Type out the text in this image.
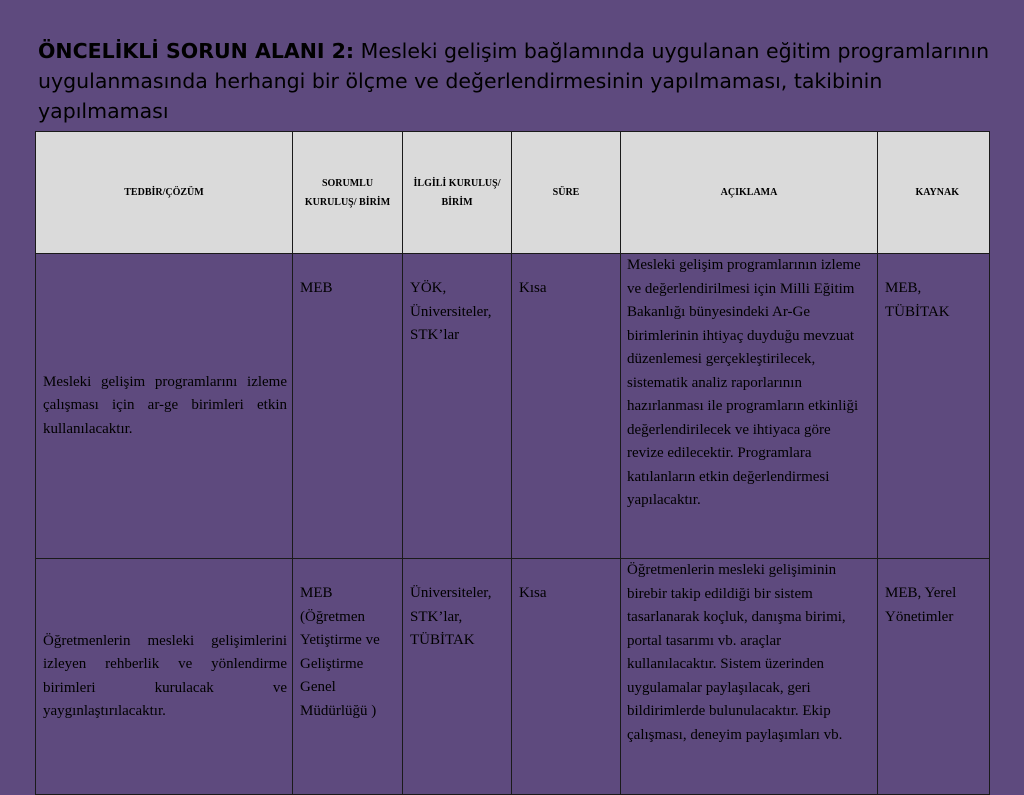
ÖNCELİKLİ SORUN ALANI 2: Mesleki gelişim bağlamında uygulanan eğitim programlarının uygulanmasında herhangi bir ölçme ve değerlendirmesinin yapılmaması, takibinin yapılmaması
TEDBİR/ÇÖZÜM	SORUMLU KURULUŞ/ BİRİM	İLGİLİ KURULUŞ/ BİRİM	SÜRE	AÇIKLAMA	KAYNAK
Mesleki gelişim programlarını izleme çalışması için ar-ge birimleri etkin kullanılacaktır.	MEB	YÖK, Üniversiteler, STK’lar	Kısa	Mesleki gelişim programlarının izleme ve değerlendirilmesi için Milli Eğitim Bakanlığı bünyesindeki Ar-Ge birimlerinin ihtiyaç duyduğu mevzuat düzenlemesi gerçekleştirilecek, sistematik analiz raporlarının hazırlanması ile programların etkinliği değerlendirilecek ve ihtiyaca göre revize edilecektir. Programlara katılanların etkin değerlendirmesi yapılacaktır.	MEB, TÜBİTAK
Öğretmenlerin mesleki gelişimlerini izleyen rehberlik ve yönlendirme birimleri kurulacak ve yaygınlaştırılacaktır.	MEB (Öğretmen Yetiştirme ve Geliştirme Genel Müdürlüğü )	Üniversiteler, STK’lar, TÜBİTAK	Kısa	Öğretmenlerin mesleki gelişiminin birebir takip edildiği bir sistem tasarlanarak koçluk, danışma birimi, portal tasarımı vb. araçlar kullanılacaktır. Sistem üzerinden uygulamalar paylaşılacak, geri bildirimlerde bulunulacaktır. Ekip çalışması, deneyim paylaşımları vb.	MEB, Yerel Yönetimler
